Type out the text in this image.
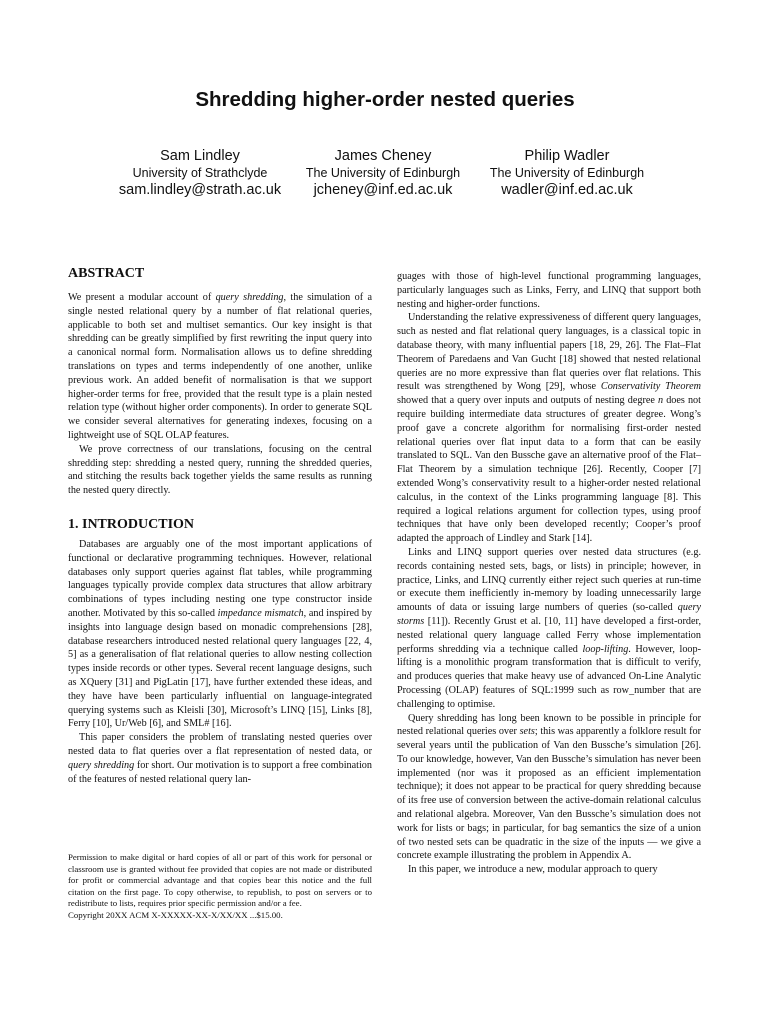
Shredding higher-order nested queries
Sam Lindley
University of Strathclyde
sam.lindley@strath.ac.uk
James Cheney
The University of Edinburgh
jcheney@inf.ed.ac.uk
Philip Wadler
The University of Edinburgh
wadler@inf.ed.ac.uk
ABSTRACT

We present a modular account of query shredding, the simulation of a single nested relational query by a number of flat relational queries, applicable to both set and multiset semantics. Our key insight is that shredding can be greatly simplified by first rewriting the input query into a canonical normal form. Normalisation allows us to define shredding translations on types and terms independently of one another, unlike previous work. An added benefit of normalisation is that we support higher-order terms for free, provided that the result type is a plain nested relation type (without higher order components). In order to generate SQL we consider several alternatives for generating indexes, focusing on a lightweight use of SQL OLAP features.

We prove correctness of our translations, focusing on the central shredding step: shredding a nested query, running the shredded queries, and stitching the results back together yields the same results as running the nested query directly.

1. INTRODUCTION

Databases are arguably one of the most important applications of functional or declarative programming techniques. However, relational databases only support queries against flat tables, while programming languages typically provide complex data structures that allow arbitrary combinations of types including nesting one type constructor inside another. Motivated by this so-called impedance mismatch, and inspired by insights into language design based on monadic comprehensions [28], database researchers introduced nested relational query languages [22, 4, 5] as a generalisation of flat relational queries to allow nesting collection types inside records or other types. Several recent language designs, such as XQuery [31] and PigLatin [17], have further extended these ideas, and they have have been particularly influential on language-integrated querying systems such as Kleisli [30], Microsoft’s LINQ [15], Links [8], Ferry [10], Ur/Web [6], and SML# [16].

This paper considers the problem of translating nested queries over nested data to flat queries over a flat representation of nested data, or query shredding for short. Our motivation is to support a free combination of the features of nested relational query lan-

Permission to make digital or hard copies of all or part of this work for personal or classroom use is granted without fee provided that copies are not made or distributed for profit or commercial advantage and that copies bear this notice and the full citation on the first page. To copy otherwise, to republish, to post on servers or to redistribute to lists, requires prior specific permission and/or a fee.
Copyright 20XX ACM X-XXXXX-XX-X/XX/XX ...$15.00.

guages with those of high-level functional programming languages, particularly languages such as Links, Ferry, and LINQ that support both nesting and higher-order functions.

Understanding the relative expressiveness of different query languages, such as nested and flat relational query languages, is a classical topic in database theory, with many influential papers [18, 29, 26]. The Flat–Flat Theorem of Paredaens and Van Gucht [18] showed that nested relational queries are no more expressive than flat queries over flat relations. This result was strengthened by Wong [29], whose Conservativity Theorem showed that a query over inputs and outputs of nesting degree n does not require building intermediate data structures of greater degree. Wong’s proof gave a concrete algorithm for normalising first-order nested relational queries over flat input data to a form that can be easily translated to SQL. Van den Bussche gave an alternative proof of the Flat–Flat Theorem by a simulation technique [26]. Recently, Cooper [7] extended Wong’s conservativity result to a higher-order nested relational calculus, in the context of the Links programming language [8]. This required a logical relations argument for collection types, using proof techniques that have only been developed recently; Cooper’s proof adapted the approach of Lindley and Stark [14].

Links and LINQ support queries over nested data structures (e.g. records containing nested sets, bags, or lists) in principle; however, in practice, Links, and LINQ currently either reject such queries at run-time or execute them inefficiently in-memory by loading unnecessarily large amounts of data or issuing large numbers of queries (so-called query storms [11]). Recently Grust et al. [10, 11] have developed a first-order, nested relational query language called Ferry whose implementation performs shredding via a technique called loop-lifting. However, loop-lifting is a monolithic program transformation that is difficult to verify, and produces queries that make heavy use of advanced On-Line Analytic Processing (OLAP) features of SQL:1999 such as row_number that are challenging to optimise.

Query shredding has long been known to be possible in principle for nested relational queries over sets; this was apparently a folklore result for several years until the publication of Van den Bussche’s simulation [26]. To our knowledge, however, Van den Bussche’s simulation has never been implemented (nor was it proposed as an efficient implementation technique); it does not appear to be practical for query shredding because of its free use of conversion between the active-domain relational calculus and relational algebra. Moreover, Van den Bussche’s simulation does not work for lists or bags; in particular, for bag semantics the size of a union of two nested sets can be quadratic in the size of the inputs — we give a concrete example illustrating the problem in Appendix A.

In this paper, we introduce a new, modular approach to query
